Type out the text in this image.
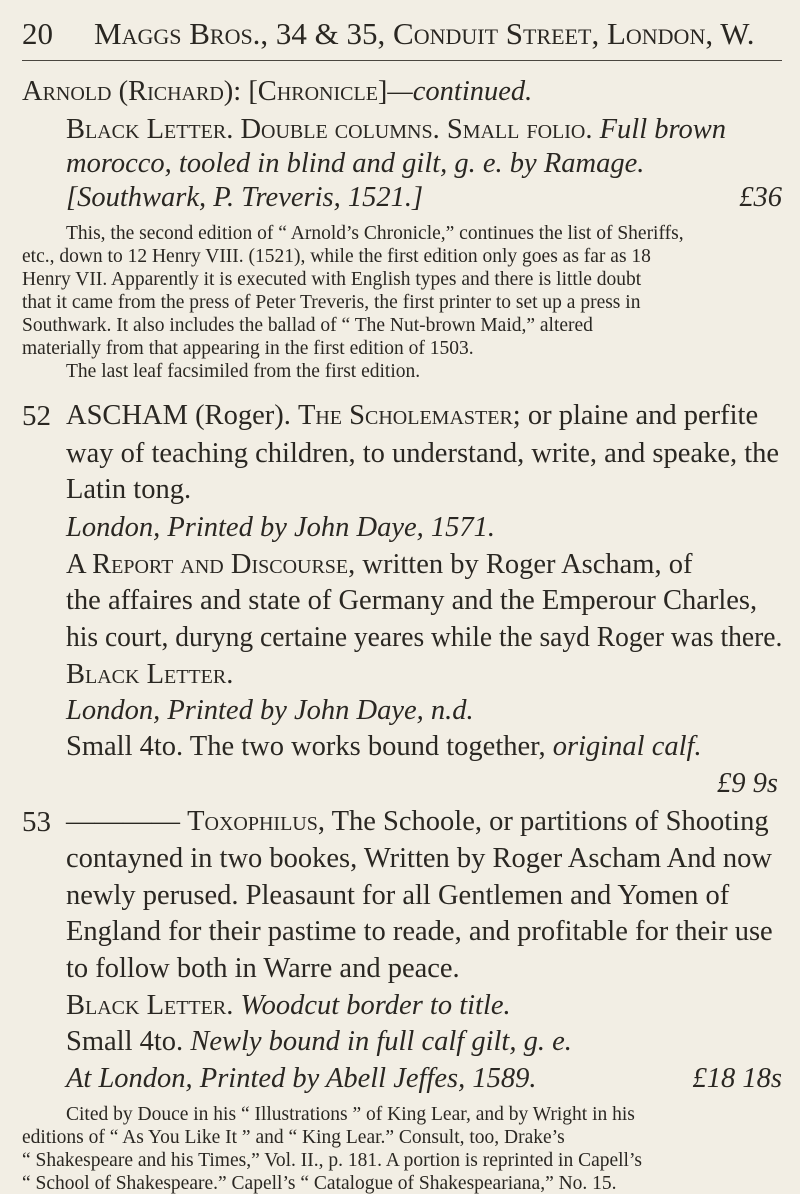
20 Maggs Bros., 34 & 35, Conduit Street, London, W.
Arnold (Richard): [Chronicle]—continued.
Black Letter. Double columns. Small folio. Full brown
morocco, tooled in blind and gilt, g. e. by Ramage.
[Southwark, P. Treveris, 1521.]	£36
This, the second edition of “ Arnold’s Chronicle,” continues the list of Sheriffs,
etc., down to 12 Henry VIII. (1521), while the first edition only goes as far as 18
Henry VII. Apparently it is executed with English types and there is little doubt
that it came from the press of Peter Treveris, the first printer to set up a press in
Southwark. It also includes the ballad of “ The Nut-brown Maid,” altered
materially from that appearing in the first edition of 1503.
The last leaf facsimiled from the first edition.
52 ASCHAM (Roger). The Scholemaster; or plaine and perfite
way of teaching children, to understand, write, and speake, the
Latin tong.
London, Printed by John Daye, 1571.
A Report and Discourse, written by Roger Ascham, of
the affaires and state of Germany and the Emperour Charles,
his court, duryng certaine yeares while the sayd Roger was there.
Black Letter.
London, Printed by John Daye, n.d.
Small 4to. The two works bound together, original calf.
£9 9s
53 ———— Toxophilus, The Schoole, or partitions of Shooting
contayned in two bookes, Written by Roger Ascham And now
newly perused. Pleasaunt for all Gentlemen and Yomen of
England for their pastime to reade, and profitable for their use
to follow both in Warre and peace.
Black Letter. Woodcut border to title.
Small 4to. Newly bound in full calf gilt, g. e.
At London, Printed by Abell Jeffes, 1589.	£18 18s
Cited by Douce in his “ Illustrations ” of King Lear, and by Wright in his
editions of “ As You Like It ” and “ King Lear.” Consult, too, Drake’s
“ Shakespeare and his Times,” Vol. II., p. 181. A portion is reprinted in Capell’s
“ School of Shakespeare.” Capell’s “ Catalogue of Shakespeariana,” No. 15.
